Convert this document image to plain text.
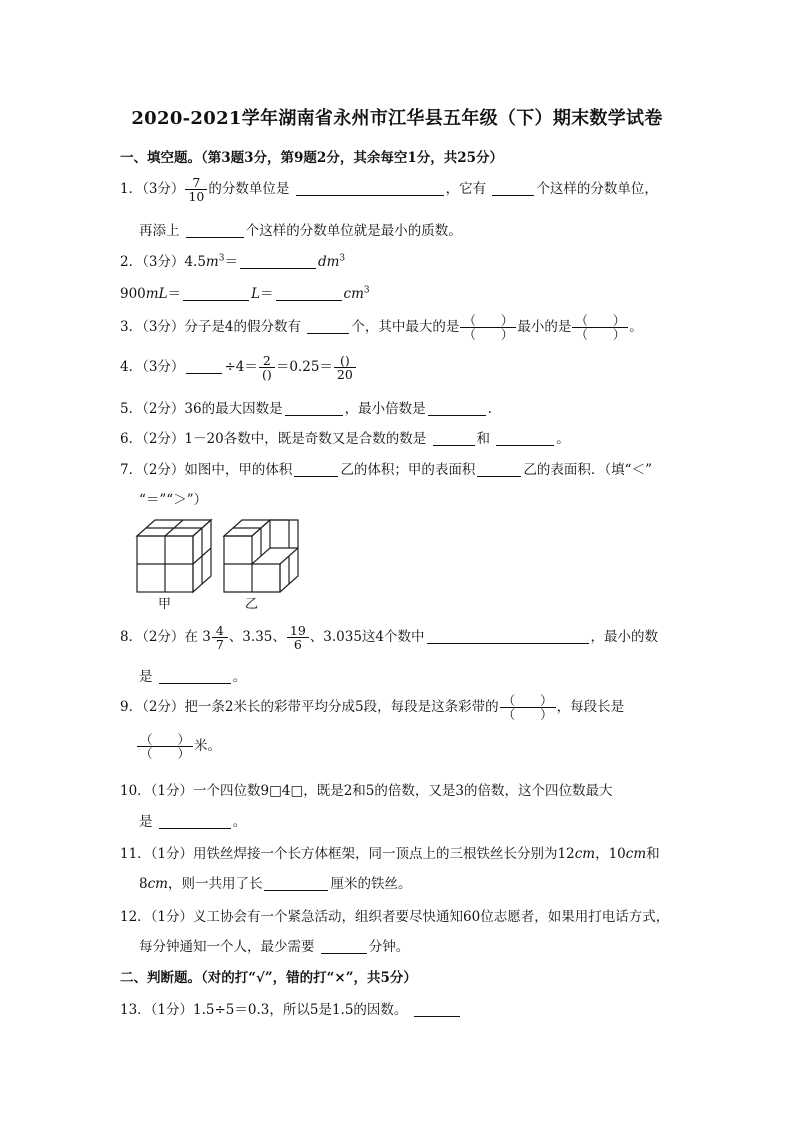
2020-2021学年湖南省永州市江华县五年级（下）期末数学试卷
一、填空题。（第3题3分，第9题2分，其余每空1分，共25分）
1．（3分） $\frac{7}{10}$ 的分数单位是	，它有	个这样的分数单位，
再添上	个这样的分数单位就是最小的质数。
2．（3分）$4.5m^3=$	$dm^3$
900mL＝	L＝	$cm^3$
3．（3分）分子是4的假分数有	个，其中最大的是 $\frac{( )}{( )}$ 最小的是 $\frac{( )}{( )}$ 。
4．（3分）	$\div 4= \frac{2}{()} =0.25= \frac{()}{20}$
5．（2分）36的最大因数是	，最小倍数是	.
6．（2分）1－20各数中，既是奇数又是合数的数是	和	。
7．（2分）如图中，甲的体积	乙的体积；甲的表面积	乙的表面积．（填“＜”
“＝”“＞”）
甲	乙
8．（2分）在 $3 \frac{4}{7}$ 、3.35、 $\frac{19}{6}$ 、3.035这4个数中	，最小的数
是	。
9．（2分）把一条2米长的彩带平均分成5段，每段是这条彩带的 $\frac{( )}{( )}$ ，每段长是
$\frac{( )}{( )}$ 米。
10．（1分）一个四位数9□4□，既是2和5的倍数，又是3的倍数，这个四位数最大
是	。
11．（1分）用铁丝焊接一个长方体框架，同一顶点上的三根铁丝长分别为12cm，10cm和
8cm，则一共用了长	厘米的铁丝。
12．（1分）义工协会有一个紧急活动，组织者要尽快通知60位志愿者，如果用打电话方式，
每分钟通知一个人，最少需要	分钟。
二、判断题。（对的打“√”，错的打“×”，共5分）
13．（1分）1.5÷5＝0.3，所以5是1.5的因数。
